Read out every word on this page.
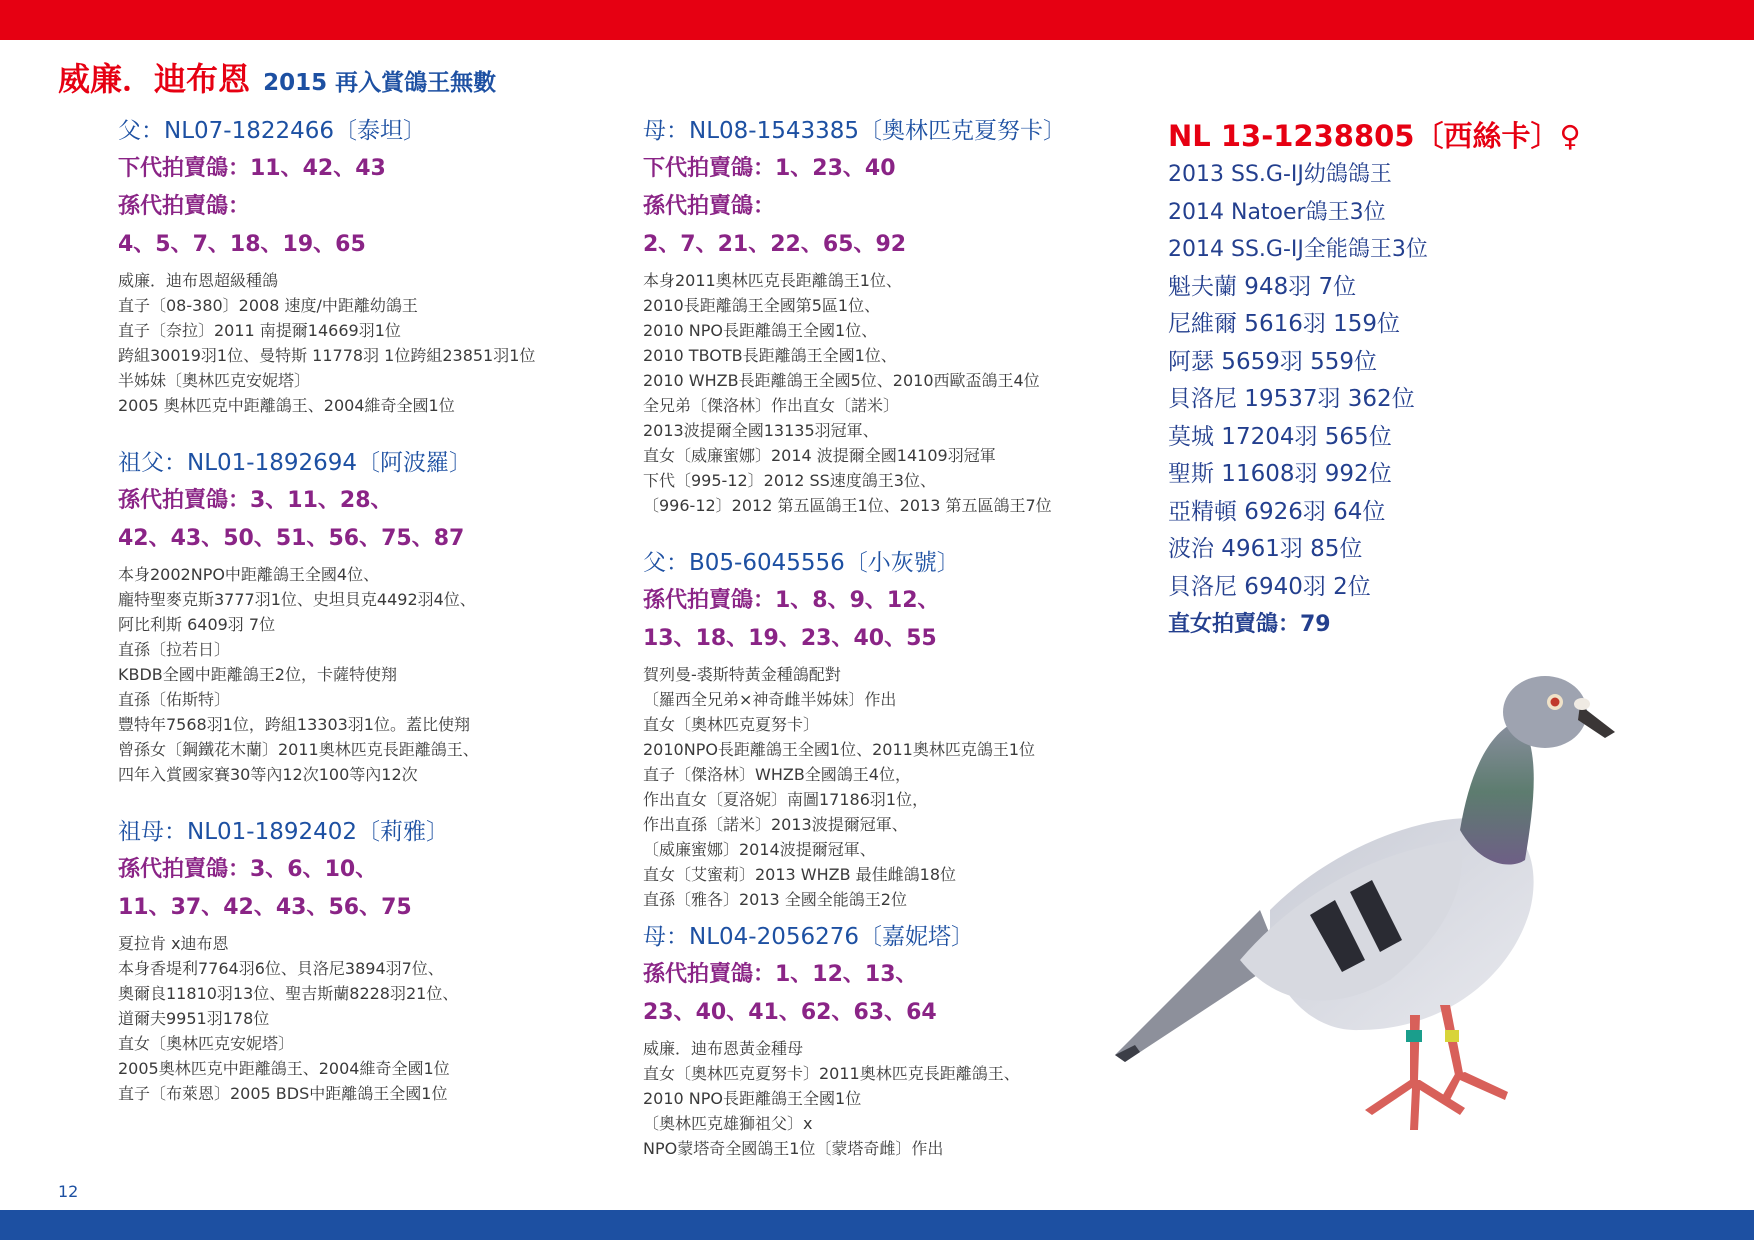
威廉．迪布恩 2015 再入賞鴿王無數
父：NL07-1822466〔泰坦〕
下代拍賣鴿：11、42、43
孫代拍賣鴿：
4、5、7、18、19、65
威廉．迪布恩超級種鴿
直子〔08-380〕2008 速度/中距離幼鴿王
直子〔奈拉〕2011 南提爾14669羽1位
跨組30019羽1位、曼特斯 11778羽 1位跨組23851羽1位
半姊妹〔奧林匹克安妮塔〕
2005 奧林匹克中距離鴿王、2004維奇全國1位
祖父：NL01-1892694〔阿波羅〕
孫代拍賣鴿：3、11、28、
42、43、50、51、56、75、87
本身2002NPO中距離鴿王全國4位、
龐特聖麥克斯3777羽1位、史坦貝克4492羽4位、
阿比利斯 6409羽 7位
直孫〔拉若日〕
KBDB全國中距離鴿王2位，卡薩特使翔
直孫〔佑斯特〕
豐特年7568羽1位，跨組13303羽1位。蓋比使翔
曾孫女〔鋼鐵花木蘭〕2011奧林匹克長距離鴿王、
四年入賞國家賽30等內12次100等內12次
祖母：NL01-1892402〔莉雅〕
孫代拍賣鴿：3、6、10、
11、37、42、43、56、75
夏拉肯 x迪布恩
本身香堤利7764羽6位、貝洛尼3894羽7位、
奧爾良11810羽13位、聖吉斯蘭8228羽21位、
道爾夫9951羽178位
直女〔奧林匹克安妮塔〕
2005奧林匹克中距離鴿王、2004維奇全國1位
直子〔布萊恩〕2005 BDS中距離鴿王全國1位
母：NL08-1543385〔奧林匹克夏努卡〕
下代拍賣鴿：1、23、40
孫代拍賣鴿：
2、7、21、22、65、92
本身2011奧林匹克長距離鴿王1位、
2010長距離鴿王全國第5區1位、
2010 NPO長距離鴿王全國1位、
2010 TBOTB長距離鴿王全國1位、
2010 WHZB長距離鴿王全國5位、2010西歐盃鴿王4位
全兄弟〔傑洛林〕作出直女〔諾米〕
2013波提爾全國13135羽冠軍、
直女〔威廉蜜娜〕2014 波提爾全國14109羽冠軍
下代〔995-12〕2012 SS速度鴿王3位、
〔996-12〕2012 第五區鴿王1位、2013 第五區鴿王7位
父：B05-6045556〔小灰號〕
孫代拍賣鴿：1、8、9、12、
13、18、19、23、40、55
賀列曼-裘斯特黃金種鴿配對
〔羅西全兄弟×神奇雌半姊妹〕作出
直女〔奧林匹克夏努卡〕
2010NPO長距離鴿王全國1位、2011奧林匹克鴿王1位
直子〔傑洛林〕WHZB全國鴿王4位，
作出直女〔夏洛妮〕南圖17186羽1位，
作出直孫〔諾米〕2013波提爾冠軍、
〔威廉蜜娜〕2014波提爾冠軍、
直女〔艾蜜莉〕2013 WHZB 最佳雌鴿18位
直孫〔雅各〕2013 全國全能鴿王2位
母：NL04-2056276〔嘉妮塔〕
孫代拍賣鴿：1、12、13、
23、40、41、62、63、64
威廉．迪布恩黃金種母
直女〔奧林匹克夏努卡〕2011奧林匹克長距離鴿王、
2010 NPO長距離鴿王全國1位
〔奧林匹克雄獅祖父〕x
NPO蒙塔奇全國鴿王1位〔蒙塔奇雌〕作出
NL 13-1238805〔西絲卡〕♀
2013 SS.G-IJ幼鴿鴿王
2014 Natoer鴿王3位
2014 SS.G-IJ全能鴿王3位
魁夫蘭 948羽 7位
尼維爾 5616羽 159位
阿瑟 5659羽 559位
貝洛尼 19537羽 362位
莫城 17204羽 565位
聖斯 11608羽 992位
亞精頓 6926羽 64位
波治 4961羽 85位
貝洛尼 6940羽 2位
直女拍賣鴿：79
12
